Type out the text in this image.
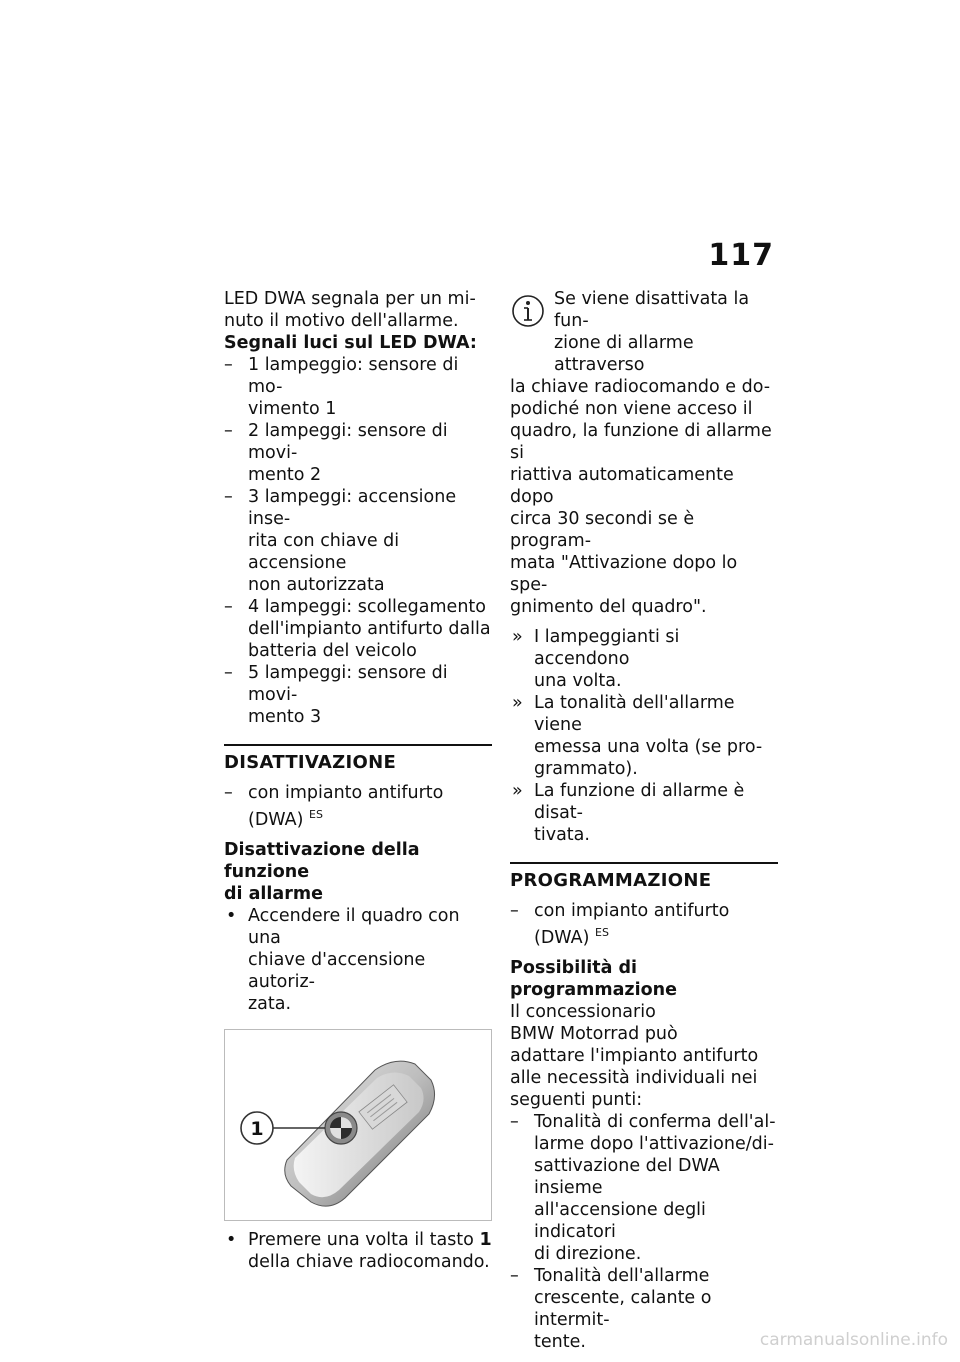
117

LED DWA segnala per un mi-

nuto il motivo dell'allarme.

Segnali luci sul LED DWA:

– 1 lampeggio: sensore di mo-
vimento 1
– 2 lampeggi: sensore di movi-
mento 2
– 3 lampeggi: accensione inse-
rita con chiave di accensione
non autorizzata
– 4 lampeggi: scollegamento
dell'impianto antifurto dalla
batteria del veicolo
– 5 lampeggi: sensore di movi-
mento 3
DISATTIVAZIONE
– con impianto antifurto
(DWA) $^{ES}$

Disattivazione della funzione

di allarme

• Accendere il quadro con una
chiave d'accensione autoriz-
zata.
1
• Premere una volta il tasto 1
della chiave radiocomando.

Se viene disattivata la fun-

zione di allarme attraverso

la chiave radiocomando e do-

podiché non viene acceso il

quadro, la funzione di allarme si

riattiva automaticamente dopo

circa 30 secondi se è program-

mata "Attivazione dopo lo spe-

gnimento del quadro".

» I lampeggianti si accendono
una volta.
» La tonalità dell'allarme viene
emessa una volta (se pro-
grammato).
» La funzione di allarme è disat-
tivata.
PROGRAMMAZIONE
– con impianto antifurto
(DWA) $^{ES}$

Possibilità di programmazione

Il concessionario

BMW Motorrad può

adattare l'impianto antifurto

alle necessità individuali nei

seguenti punti:

– Tonalità di conferma dell'al-
larme dopo l'attivazione/di-
sattivazione del DWA insieme
all'accensione degli indicatori
di direzione.
– Tonalità dell'allarme
crescente, calante o intermit-
tente.	carmanualsonline.info
